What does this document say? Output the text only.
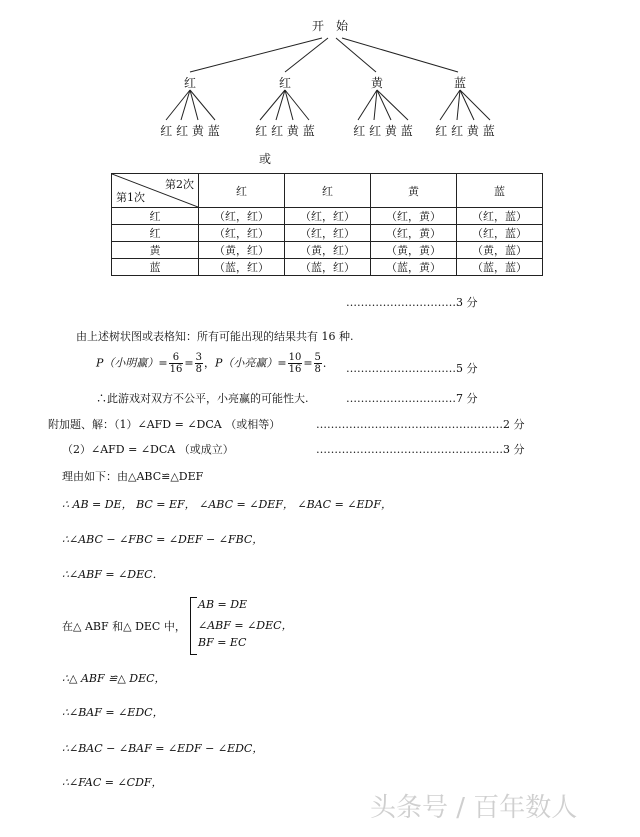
开　始
红	红	黄	蓝
红 红 黄 蓝	红 红 黄 蓝	红 红 黄 蓝 红 红 黄 蓝
或
第2次
第1次	红	红	黄	蓝
红	（红，红）	（红，红）	（红，黄）	（红，蓝）
红	（红，红）	（红，红）	（红，黄）	（红，蓝）
黄	（黄，红）	（黄，红）	（黄，黄）	（黄，蓝）
蓝	（蓝，红）	（蓝，红）	（蓝，黄）	（蓝，蓝）
…………………………3 分
由上述树状图或表格知：所有可能出现的结果共有 16 种.
P（小明赢）= $\frac{6}{16} = \frac{3}{8}$ ，P（小亮赢）= $\frac{10}{16} = \frac{5}{8}$ ． …………………………5 分
∴此游戏对双方不公平，小亮赢的可能性大.	…………………………7 分
附加题、解：（1）∠AFD = ∠DCA （或相等）	……………………………………………2 分
（2）∠AFD = ∠DCA （或成立）	……………………………………………3 分
理由如下：由△ABC≌△DEF
∴ AB = DE， BC = EF， ∠ABC = ∠DEF， ∠BAC = ∠EDF，
∴∠ABC − ∠FBC = ∠DEF − ∠FBC，
∴∠ABF = ∠DEC．
在△ ABF 和△ DEC 中，
AB = DE
∠ABF = ∠DEC，
BF = EC
∴△ ABF ≌△ DEC，
∴∠BAF = ∠EDC，
∴∠BAC − ∠BAF = ∠EDF − ∠EDC，
∴∠FAC = ∠CDF，
头条号 / 百年数人
